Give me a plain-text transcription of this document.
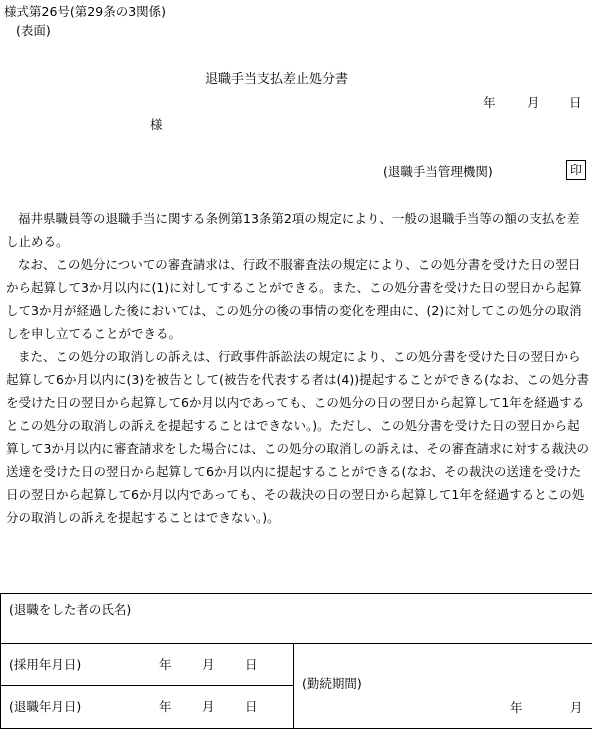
様式第26号(第29条の3関係)
(表面)
退職手当支払差止処分書
年	月 日
様
(退職手当管理機関)	印
福井県職員等の退職手当に関する条例第13条第2項の規定により、一般の退職手当等の額の支払を差し止める。
なお、この処分についての審査請求は、行政不服審査法の規定により、この処分書を受けた日の翌日から起算して3か月以内に(1)に対してすることができる。また、この処分書を受けた日の翌日から起算して3か月が経過した後においては、この処分の後の事情の変化を理由に、(2)に対してこの処分の取消しを申し立てることができる。
また、この処分の取消しの訴えは、行政事件訴訟法の規定により、この処分書を受けた日の翌日から起算して6か月以内に(3)を被告として(被告を代表する者は(4))提起することができる(なお、この処分書を受けた日の翌日から起算して6か月以内であっても、この処分の日の翌日から起算して1年を経過するとこの処分の取消しの訴えを提起することはできない。)。ただし、この処分書を受けた日の翌日から起算して3か月以内に審査請求をした場合には、この処分の取消しの訴えは、その審査請求に対する裁決の送達を受けた日の翌日から起算して6か月以内に提起することができる(なお、その裁決の送達を受けた日の翌日から起算して6か月以内であっても、その裁決の日の翌日から起算して1年を経過するとこの処分の取消しの訴えを提起することはできない。)。
(退職をした者の氏名)

(採用年月日)	年 月 日

(勤続期間)
年	月

(退職年月日)	年 月 日
